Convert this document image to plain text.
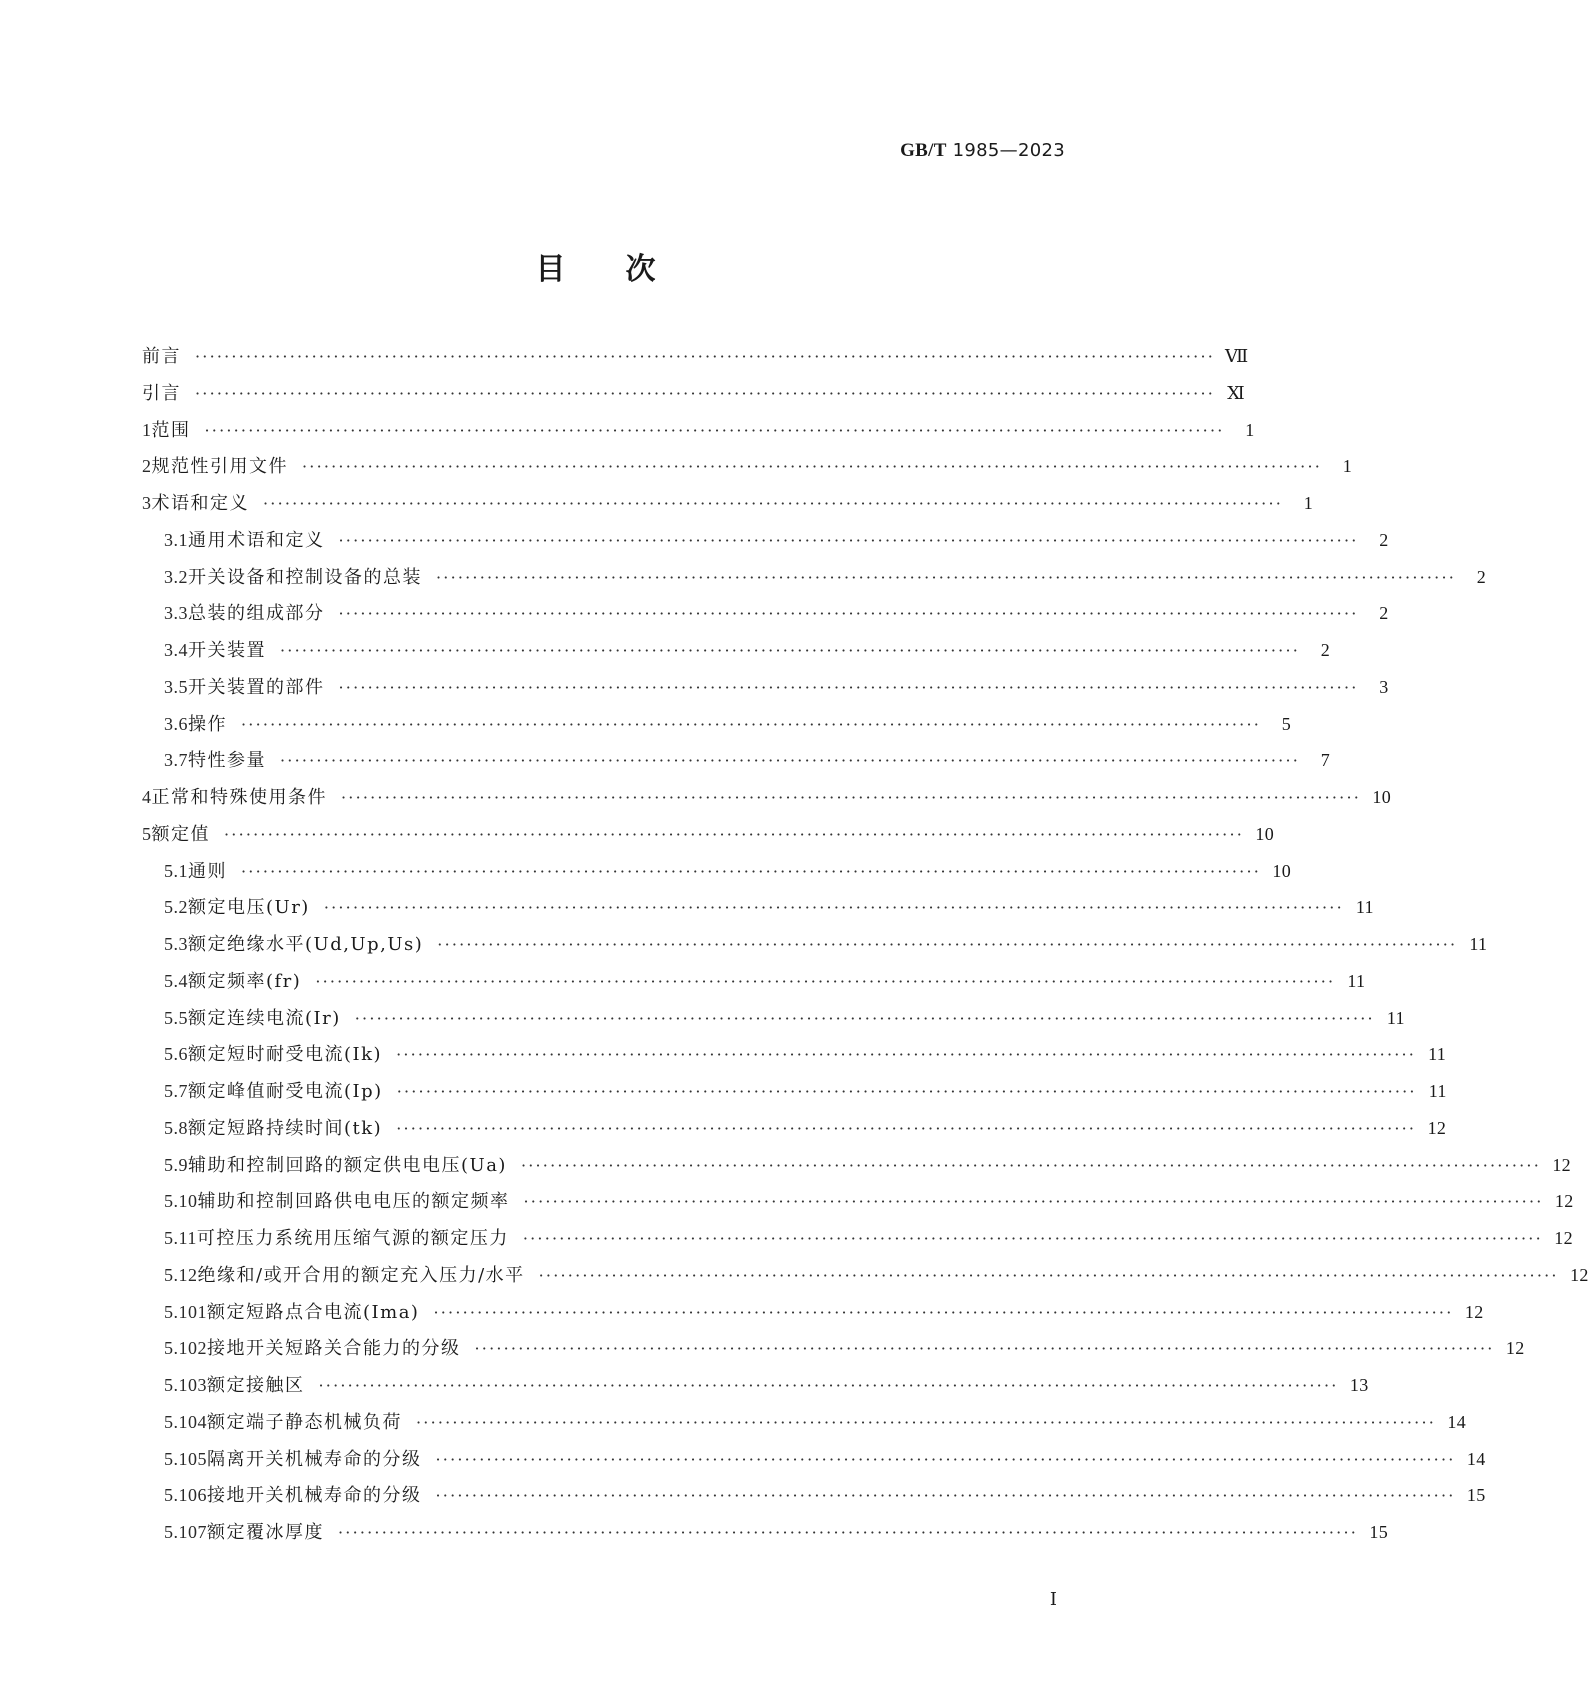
GB/T 1985—2023
目次
前言 ············································································································································ Ⅶ
引言 ············································································································································ Ⅺ
1 范围 ············································································································································	1
2 规范性引用文件 ············································································································································	1
3 术语和定义 ············································································································································	1
3.1 通用术语和定义 ············································································································································	2
3.2 开关设备和控制设备的总装 ············································································································································	2
3.3 总装的组成部分 ············································································································································	2
3.4 开关装置 ············································································································································	2
3.5 开关装置的部件 ············································································································································	3
3.6 操作 ············································································································································	5
3.7 特性参量 ············································································································································	7
4 正常和特殊使用条件 ············································································································································ 10
5 额定值 ············································································································································ 10
5.1 通则 ············································································································································ 10
5.2 额定电压(Ur) ············································································································································ 11
5.3 额定绝缘水平(Ud,Up,Us) ············································································································································ 11
5.4 额定频率(fr) ············································································································································ 11
5.5 额定连续电流(Ir) ············································································································································ 11
5.6 额定短时耐受电流(Ik) ············································································································································ 11
5.7 额定峰值耐受电流(Ip) ············································································································································ 11
5.8 额定短路持续时间(tk) ············································································································································ 12
5.9 辅助和控制回路的额定供电电压(Ua) ············································································································································ 12
5.10 辅助和控制回路供电电压的额定频率 ············································································································································ 12
5.11 可控压力系统用压缩气源的额定压力 ············································································································································ 12
5.12 绝缘和/或开合用的额定充入压力/水平 ············································································································································ 12
5.101 额定短路点合电流(Ima) ············································································································································ 12
5.102 接地开关短路关合能力的分级 ············································································································································ 12
5.103 额定接触区 ············································································································································ 13
5.104 额定端子静态机械负荷 ············································································································································ 14
5.105 隔离开关机械寿命的分级 ············································································································································ 14
5.106 接地开关机械寿命的分级 ············································································································································ 15
5.107 额定覆冰厚度 ············································································································································ 15
Ⅰ
